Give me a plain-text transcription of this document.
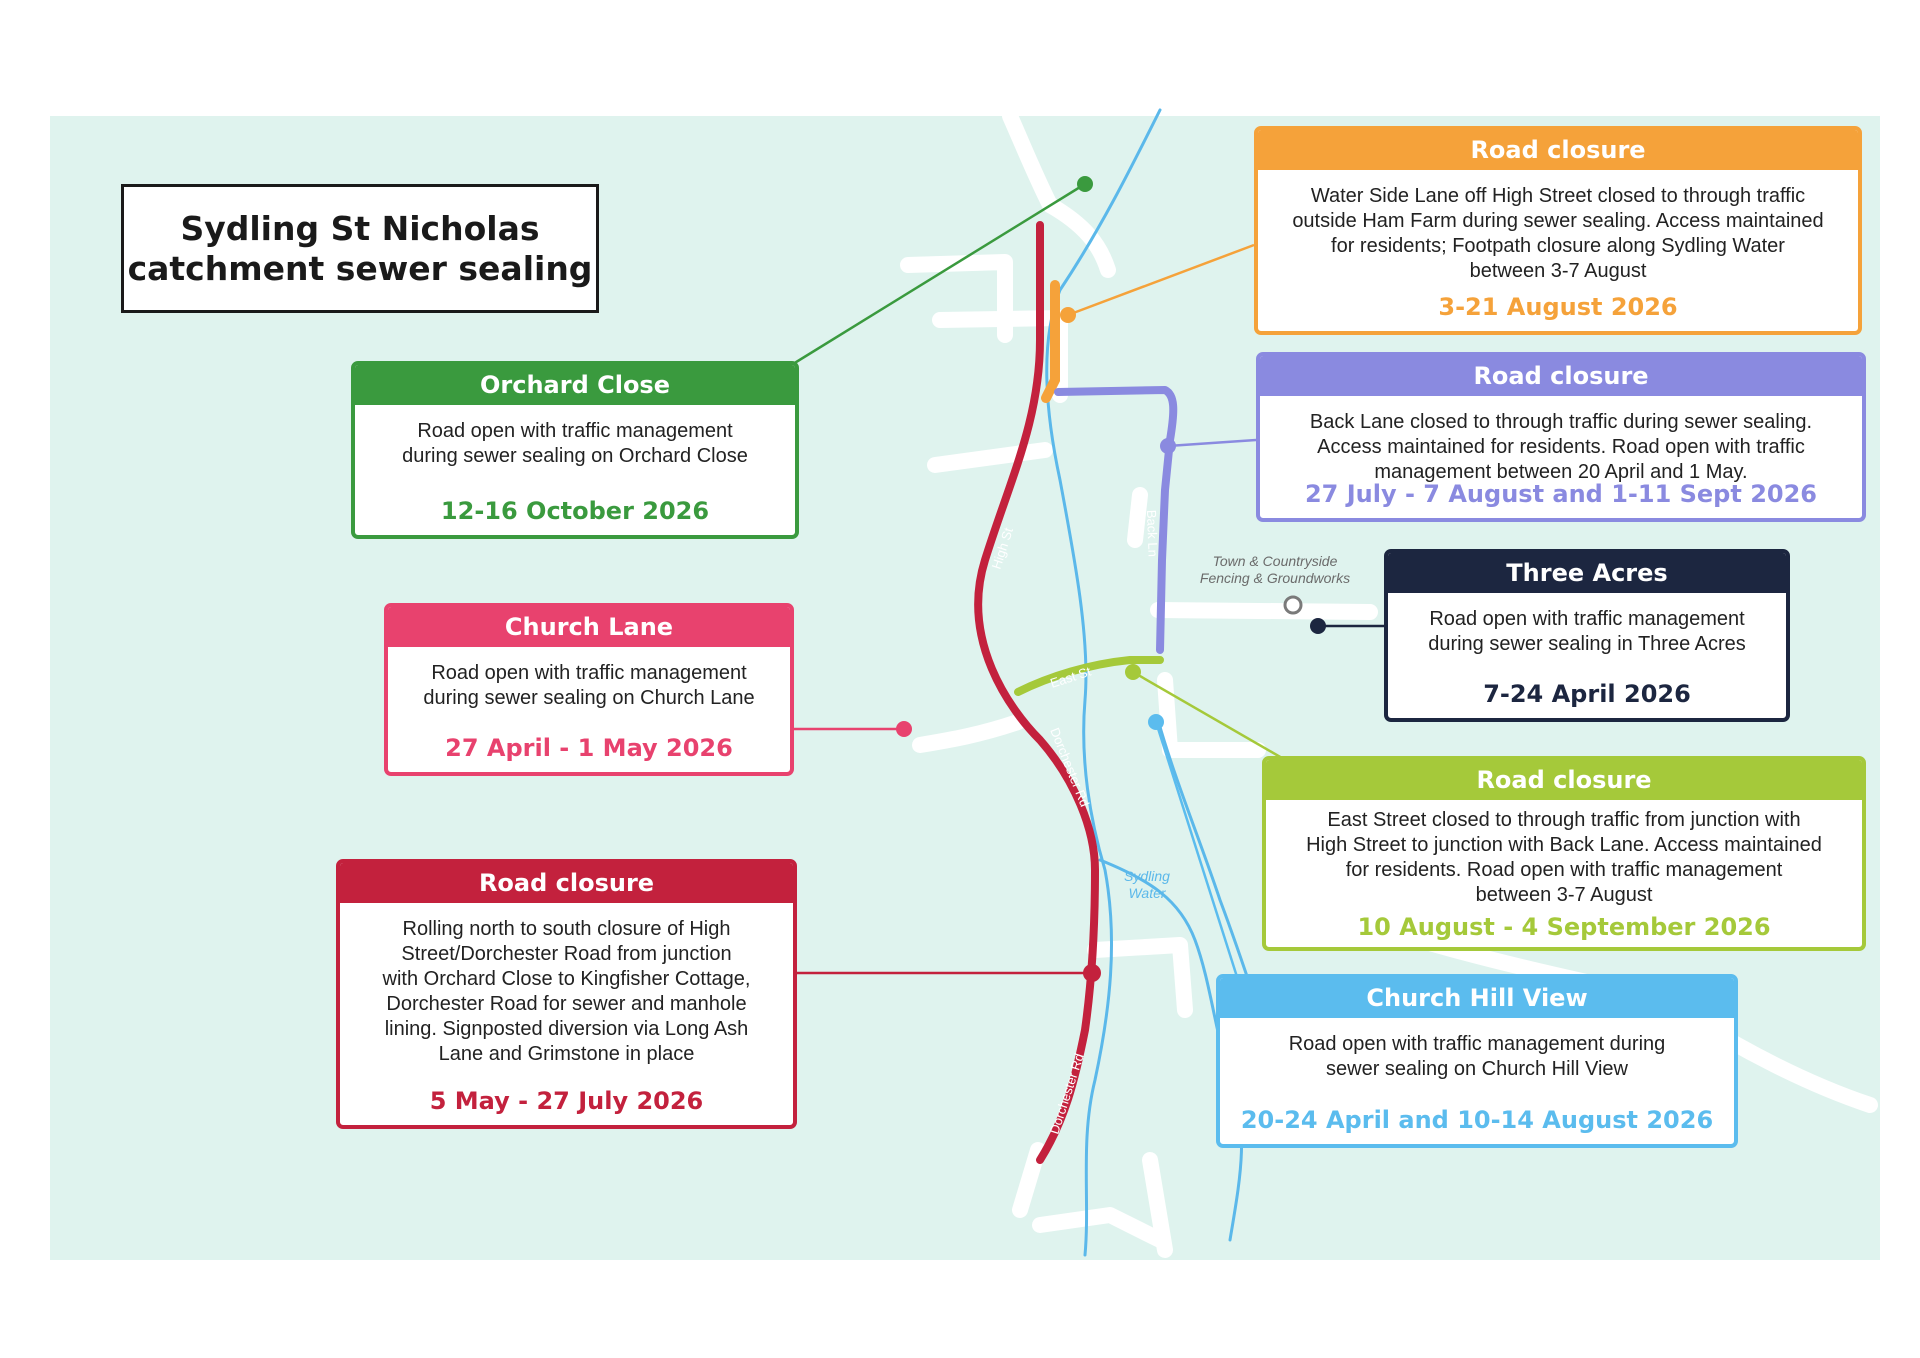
High St	Back Ln
East St
Dorchester Rd
Dorchester Rd
Sydling
Water
Town & Countryside
Fencing & Groundworks
Sydling St Nicholas
catchment sewer sealing
Orchard Close
Road open with traffic management
during sewer sealing on Orchard Close
12-16 October 2026
Church Lane
Road open with traffic management
during sewer sealing on Church Lane
27 April - 1 May 2026
Road closure
Rolling north to south closure of High
Street/Dorchester Road from junction
with Orchard Close to Kingfisher Cottage,
Dorchester Road for sewer and manhole
lining. Signposted diversion via Long Ash
Lane and Grimstone in place
5 May - 27 July 2026
Road closure
Water Side Lane off High Street closed to through traffic
outside Ham Farm during sewer sealing. Access maintained
for residents; Footpath closure along Sydling Water
between 3-7 August
3-21 August 2026
Road closure
Back Lane closed to through traffic during sewer sealing.
Access maintained for residents. Road open with traffic
management between 20 April and 1 May.
27 July - 7 August and 1-11 Sept 2026
Three Acres
Road open with traffic management
during sewer sealing in Three Acres
7-24 April 2026
Road closure
East Street closed to through traffic from junction with
High Street to junction with Back Lane. Access maintained
for residents. Road open with traffic management
between 3-7 August
10 August - 4 September 2026
Church Hill View
Road open with traffic management during
sewer sealing on Church Hill View
20-24 April and 10-14 August 2026
